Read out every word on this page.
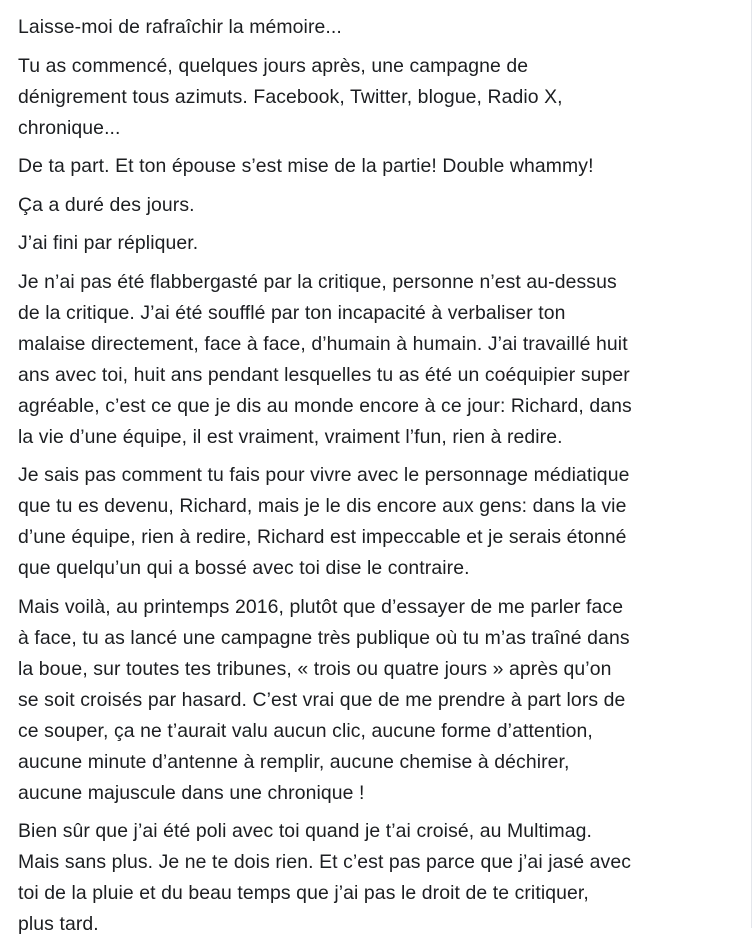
Laisse-moi de rafraîchir la mémoire...

Tu as commencé, quelques jours après, une campagne de
dénigrement tous azimuts. Facebook, Twitter, blogue, Radio X,
chronique...

De ta part. Et ton épouse s’est mise de la partie! Double whammy!

Ça a duré des jours.

J’ai fini par répliquer.

Je n’ai pas été flabbergasté par la critique, personne n’est au-dessus
de la critique. J’ai été soufflé par ton incapacité à verbaliser ton
malaise directement, face à face, d’humain à humain. J’ai travaillé huit
ans avec toi, huit ans pendant lesquelles tu as été un coéquipier super
agréable, c’est ce que je dis au monde encore à ce jour: Richard, dans
la vie d’une équipe, il est vraiment, vraiment l’fun, rien à redire.

Je sais pas comment tu fais pour vivre avec le personnage médiatique
que tu es devenu, Richard, mais je le dis encore aux gens: dans la vie
d’une équipe, rien à redire, Richard est impeccable et je serais étonné
que quelqu’un qui a bossé avec toi dise le contraire.

Mais voilà, au printemps 2016, plutôt que d’essayer de me parler face
à face, tu as lancé une campagne très publique où tu m’as traîné dans
la boue, sur toutes tes tribunes, « trois ou quatre jours » après qu’on
se soit croisés par hasard. C’est vrai que de me prendre à part lors de
ce souper, ça ne t’aurait valu aucun clic, aucune forme d’attention,
aucune minute d’antenne à remplir, aucune chemise à déchirer,
aucune majuscule dans une chronique !

Bien sûr que j’ai été poli avec toi quand je t’ai croisé, au Multimag.
Mais sans plus. Je ne te dois rien. Et c’est pas parce que j’ai jasé avec
toi de la pluie et du beau temps que j’ai pas le droit de te critiquer,
plus tard.
